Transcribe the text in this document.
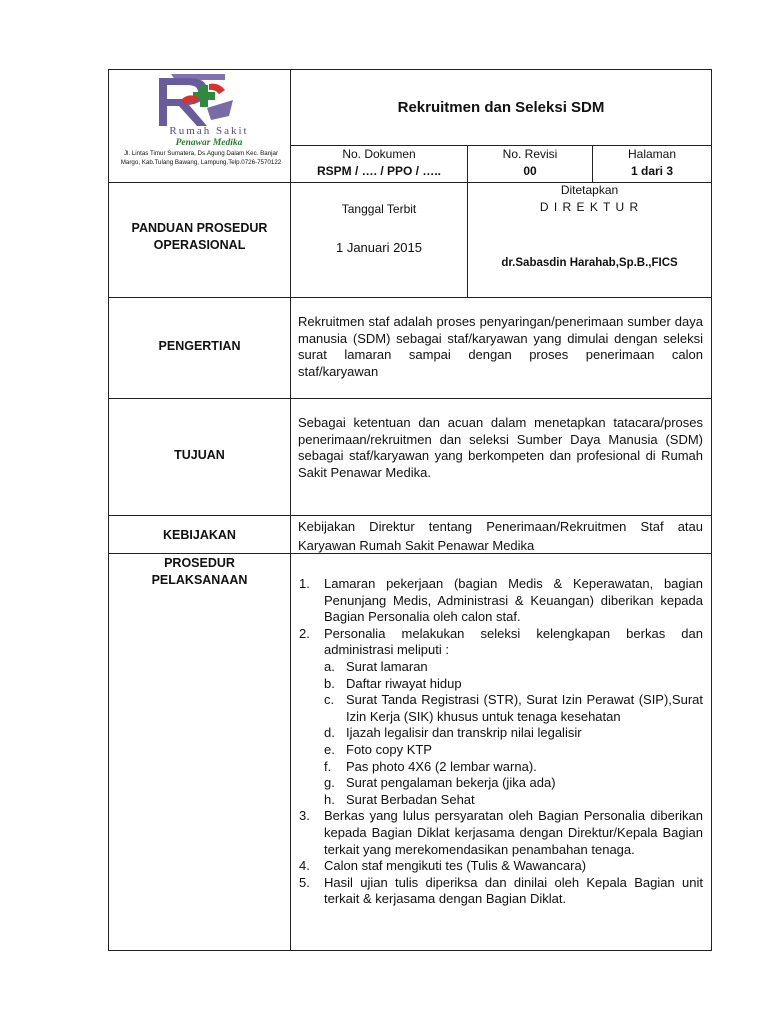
Rumah Sakit
Penawar Medika
Jl. Lintas Timur Sumatera, Ds.Agung Dalam Kec. Banjar Margo, Kab.Tulang Bawang, Lampung.Telp.0726-7570122
Rekruitmen dan Seleksi SDM
No. Dokumen
RSPM / …. / PPO / …..
No. Revisi
00
Halaman
1 dari 3
PANDUAN PROSEDUR OPERASIONAL
Tanggal Terbit
1 Januari 2015
Ditetapkan
D I R E K T U R
dr.Sabasdin Harahab,Sp.B.,FICS
PENGERTIAN
Rekruitmen staf adalah proses penyaringan/penerimaan sumber daya manusia (SDM) sebagai staf/karyawan yang dimulai dengan seleksi surat lamaran sampai dengan proses penerimaan calon staf/karyawan
TUJUAN
Sebagai ketentuan dan acuan dalam menetapkan tatacara/proses penerimaan/rekruitmen dan seleksi Sumber Daya Manusia (SDM) sebagai staf/karyawan yang berkompeten dan profesional di Rumah Sakit Penawar Medika.
KEBIJAKAN
Kebijakan Direktur tentang Penerimaan/Rekruitmen Staf atau Karyawan Rumah Sakit Penawar Medika
PROSEDUR PELAKSANAAN	1. Lamaran pekerjaan (bagian Medis & Keperawatan, bagian Penunjang Medis, Administrasi & Keuangan) diberikan kepada Bagian Personalia oleh calon staf.
2. Personalia melakukan seleksi kelengkapan berkas dan administrasi meliputi :
a. Surat lamaran
b. Daftar riwayat hidup
c. Surat Tanda Registrasi (STR), Surat Izin Perawat (SIP),Surat Izin Kerja (SIK) khusus untuk tenaga kesehatan
d. Ijazah legalisir dan transkrip nilai legalisir
e. Foto copy KTP
f. Pas photo 4X6 (2 lembar warna).
g. Surat pengalaman bekerja (jika ada)
h. Surat Berbadan Sehat
3. Berkas yang lulus persyaratan oleh Bagian Personalia diberikan kepada Bagian Diklat kerjasama dengan Direktur/Kepala Bagian terkait yang merekomendasikan penambahan tenaga.
4. Calon staf mengikuti tes (Tulis & Wawancara)
5. Hasil ujian tulis diperiksa dan dinilai oleh Kepala Bagian unit terkait & kerjasama dengan Bagian Diklat.
